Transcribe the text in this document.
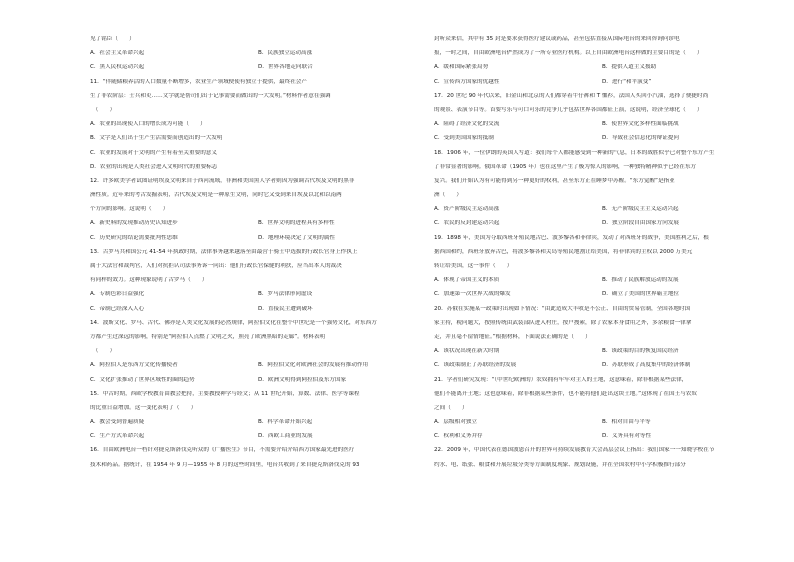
见了铭臣（　　）
A．社会主义革命兴起	B．民族独立运动高涨
C．黑人民权运动兴起	D．世界各地走向联合
11．“伴随储粮养活的人口数量不断增多，农业生产领域便使有独立于提供，最终社会产
生了非农阶层：士兵和吏……文字就是帮司们出于记事需要而做出的一大发明。”材料作者意在强调
　（　　）
A．农业的出现使人口的增长成为可能（　　）
B．文字是人们出于生产生活需要而创造出的一大发明
C．农业的发展对于文明的产生有着至关重要的意义
D．农业的出现是人类社会进入文明时代的重要标志
12．许多欧美学者试图证明埃及文明来自于西河流域，非洲和美国黑人学者则因为强调古代埃及文明的黑非
洲性质。近年来的考古发掘表明，古代埃及文明是一种原生文明，同时它又受到来自埃及以北和以南两
个方向的影响。这说明（　　）
A．新史料的发现推动历史认知进步	B．世界文明的进程具有多样性
C．历史研究的结论需要批判性思维	D．地理环境决定了文明的属性
13．古罗马共和国公元 41-54 年执政时期，法律事务越来越落至由最营于骑士中选拔的行政长官身上作执上
属于大法官和裁判官，人们对抗拒认司法事务诉一问出：他们行政长官保健的利扶，应当出本人的裁决
有同样的效力。这种现象说明了古罗马（　　）
A．专制色彩日益强化	B．罗马法律形同虚设
C．帝制已经深入人心	D．直接民主遭到破坏
14．波斯文化、罗马、古代、佛亦是人类文化发展的必然规律，阿拉伯文化在整个中世纪是一个强势文化，对东西方
方都产生过深远的影响，特别是“阿拉伯人点燃了文明之火，照亮了欧洲黑暗的走廊”。材料表明
　（　　）
A．阿拉伯人是东西方文化传播使者	B．阿拉伯文化对欧洲社会的发展有推动作用
C．文化扩张推动了世界区域性的圈的趋势	D．欧洲文明得到阿拉伯及东方国家
15．中古时期，西欧学校教育由教会把持，主要教授神学与经文；从 11 世纪开始，算数、法律、医学等课程
的比重日益增加。这一变化表明了（　　）
A．教会受到普遍质疑	B．科学革命开始兴起
C．生产方式革命兴起	D．西欧工商业的发展
16．自由欧洲电台一档针对捷克斯洛伐克听众的《广播医生》节目，不需要介绍介绍西方国家最先进的医疗
技术和药品。据统计，在 1954 年 9 月—1955 年 8 月的这些时间里，电台共收到了来自捷克斯洛伐克的 93
封听众来信，其中有 35 封是要求获得医疗建议或药品，甚至包括直接从国际电台的来回咨询问诊电
报，一时之间，自由欧洲电台俨然成为了一所专业医疗机构。以上自由欧洲电台这样做的主要目的是（　　）
A．缓和国际紧张局势	B．提供人道主义援助
C．宣传西方国家的优越性	D．进行“和平演变”
17．20 世纪 90 年代以来，旧金山和北京的人们都穿着牛仔裤和 T 恤衫，法国人买回小汽油，选择了便捷时尚
的观景、表演节目等。首要写乐与可口可乐的竞争几乎包括世界各国都征上演，这说明，经济全球化（　　）
A．阻碍了经济文化的交流	B．使世界文化多样性面临挑战
C．受到美国国家的抵制	D．导致社会信息化的辩证提问
18．1906 年，一位伊朗的英国人写道：我们每个人都能感受到一种新的气息，日本的战胜似乎已对整个东方产生
了非常显著的影响。俄国革命（1905 年）也在这里产生了极为惊人的影响，一种独特精神似乎已经在东方
复兴。我们开始认为有可能得到另一种更好的权利，甚至东方正在睡梦中苏醒。“东方觉醒”是指亚
洲（　　）
A．资产阶级民主运动高涨	B．无产阶级民主主义运动兴起
C．农民的反封建运动兴起	D．独立阶段自由国家方向发展
19．1898 年，美国为夺取西班牙殖民地古巴、波多黎各和菲律宾，发动了对西班牙的战争，美国胜利之后，根
据西国和约，西班牙放弃古巴，将波多黎各和关岛等殖民地割让给美国，将菲律宾的主权以 2000 万美元
转让给美国，这一事件（　　）
A．体现了帝国主义的本质	B．推动了民族解放运动的发展
C．加速第一次世界大战的爆发	D．确立了美国的世界霸主地位
20．苏俄在实施某一政策时出现如下情况：“由此造成大丰收是不公正、自由的贸易管制，全国各地时国
家主持，税问题大，按照传统由武装部队进入村庄，按户搜索，除了农家本身食用之外，多余粮食一律拿
走，并且毫不留情地征。”根据材料，下面说法正确的是（　　）
A．该状况出现在新大时期	B．该政策的目的恢复国民经济
C．该政策制止了苏联经济的发展	D．苏联形成了高度集中的经济体制
21．学者们研究发现：“（中世纪欧洲的）农奴拥有牢牢对主人的土地，这意味着，除非根据某些法律，
他们不能离开土地；这也意味着，除非根据某些条件，也不能将他们赶出这块土地。”这体现了在国王与农奴
之间（　　）
A．层级相对独立	B．相对自由与平等
C．权利和义务并存	D．义务具有对等性
22．2009 年，中国代表在德国波恩召开的世界可持续发展教育大会高层会议上指出：我们国家一一知晓学校在节
约水、电、纸张、粮食和开展垃圾分类等方面制度现象、规划设施，并在全国农村中小学积极推行部分
